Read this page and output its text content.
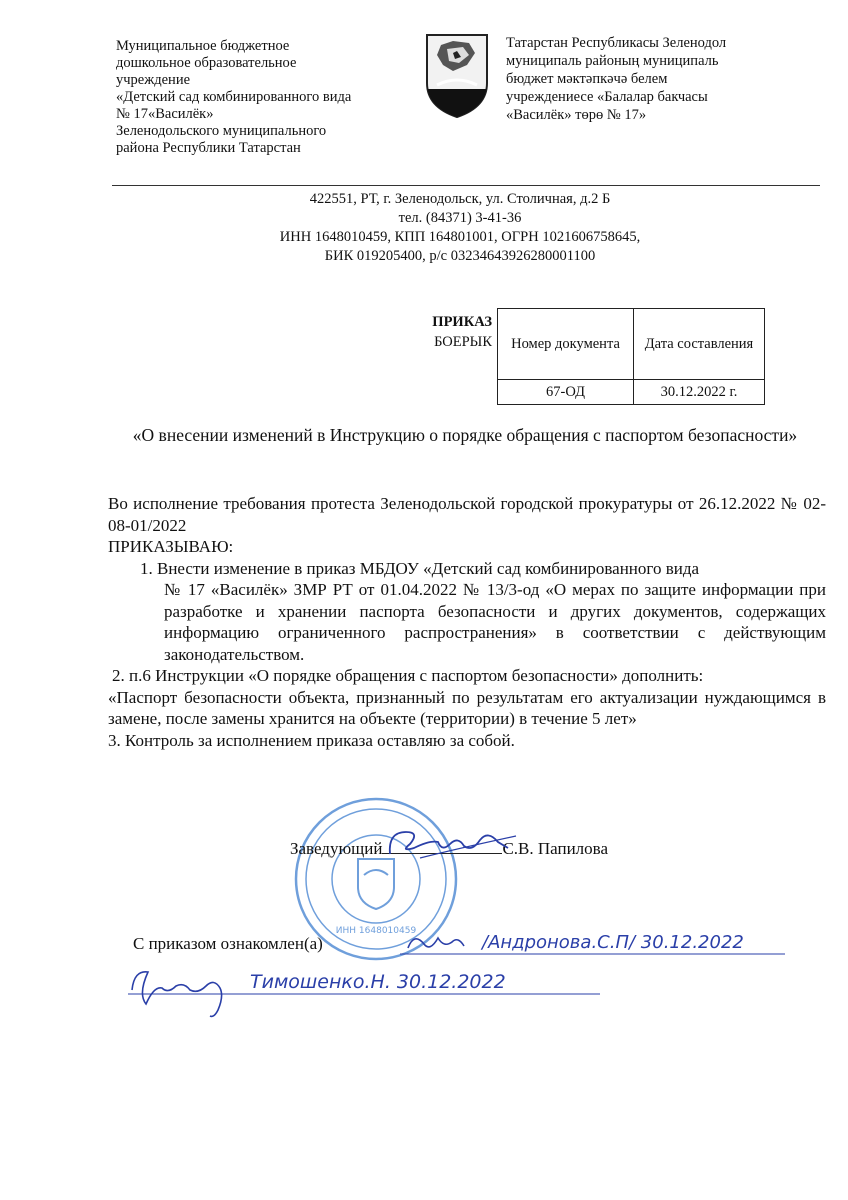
Муниципальное бюджетное
дошкольное образовательное
учреждение
«Детский сад комбинированного вида
№ 17«Василёк»
Зеленодольского муниципального
района Республики Татарстан
Татарстан Республикасы Зеленодол
муниципаль районың муниципаль
бюджет мәктәпкәчә белем
учреждениесе «Балалар бакчасы
«Василёк» төрө № 17»
422551, РТ, г. Зеленодольск, ул. Столичная, д.2 Б
тел. (84371) 3-41-36
ИНН 1648010459, КПП 164801001, ОГРН 1021606758645,
БИК 019205400, р/с 03234643926280001100
ПРИКАЗ
БОЕРЫК Номер документа	Дата составления
67-ОД	30.12.2022 г.
«О внесении изменений в Инструкцию о порядке обращения с паспортом безопасности»

Во исполнение требования протеста Зеленодольской городской прокуратуры от 26.12.2022 № 02-08-01/2022

ПРИКАЗЫВАЮ:

1. Внести изменение в приказ МБДОУ «Детский сад комбинированного вида

№ 17 «Василёк» ЗМР РТ от 01.04.2022 № 13/3-од «О мерах по защите информации при разработке и хранении паспорта безопасности и других документов, содержащих информацию ограниченного распространения» в соответствии с действующим законодательством.

2. п.6 Инструкции «О порядке обращения с паспортом безопасности» дополнить:

«Паспорт безопасности объекта, признанный по результатам его актуализации нуждающимся в замене, после замены хранится на объекте (территории) в течение 5 лет»

3. Контроль за исполнением приказа оставляю за собой.

ИНН 1648010459
Заведующий	С.В. Папилова
С приказом ознакомлен(а)	/Андронова.С.П/ 30.12.2022
Тимошенко.Н. 30.12.2022
